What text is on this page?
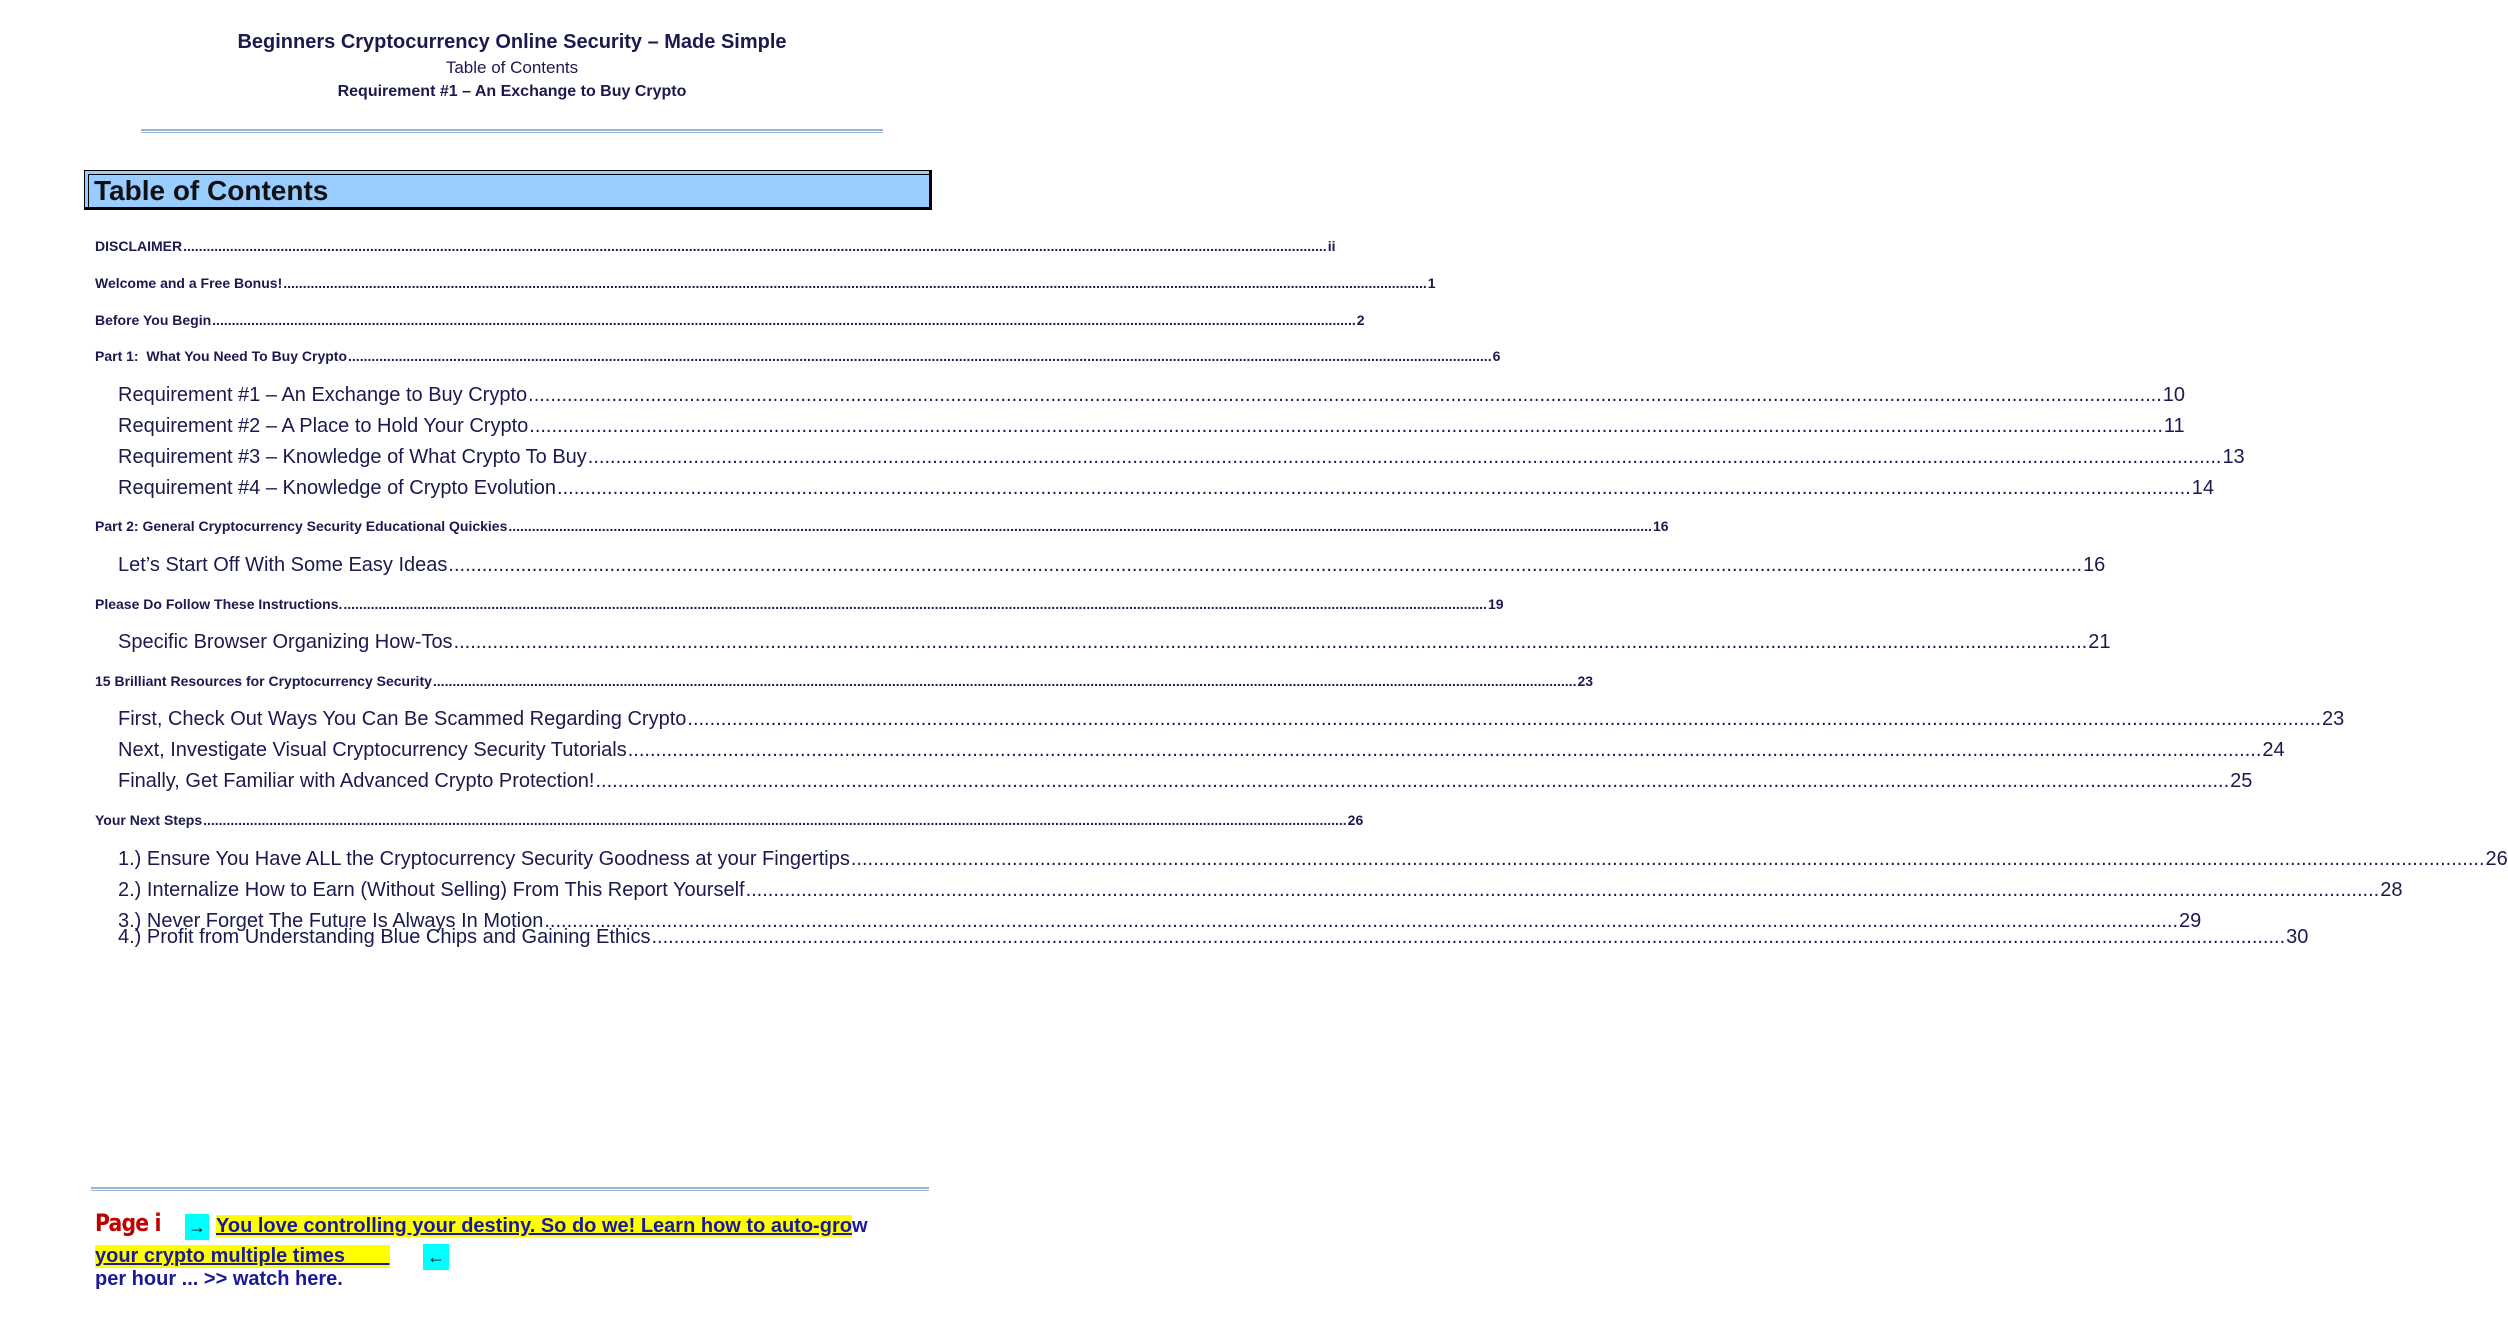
Beginners Cryptocurrency Online Security – Made Simple
Table of Contents
Requirement #1 – An Exchange to Buy Crypto
Table of Contents
DISCLAIMER .....	ii
Welcome and a Free Bonus! .....	1
Before You Begin .....	2
Part 1:  What You Need To Buy Crypto .....	6
Requirement #1 – An Exchange to Buy Crypto .....	10
Requirement #2 – A Place to Hold Your Crypto .....	11
Requirement #3 – Knowledge of What Crypto To Buy .....	13
Requirement #4 – Knowledge of Crypto Evolution .....	14
Part 2: General Cryptocurrency Security Educational Quickies .....	16
Let’s Start Off With Some Easy Ideas .....	16
Please Do Follow These Instructions. .....	19
Specific Browser Organizing How-Tos .....	21
15 Brilliant Resources for Cryptocurrency Security .....	23
First, Check Out Ways You Can Be Scammed Regarding Crypto .....	23
Next, Investigate Visual Cryptocurrency Security Tutorials .....	24
Finally, Get Familiar with Advanced Crypto Protection! .....	25
Your Next Steps .....	26
1.) Ensure You Have ALL the Cryptocurrency Security Goodness at your Fingertips .....	26
2.) Internalize How to Earn (Without Selling) From This Report Yourself .....	28
3.) Never Forget The Future Is Always In Motion .....	29
4.) Profit from Understanding Blue Chips and Gaining Ethics .....	30
Page i → You love controlling your destiny. So do we! Learn how to auto-grow
your crypto multiple times ←
per hour ... >> watch here.
